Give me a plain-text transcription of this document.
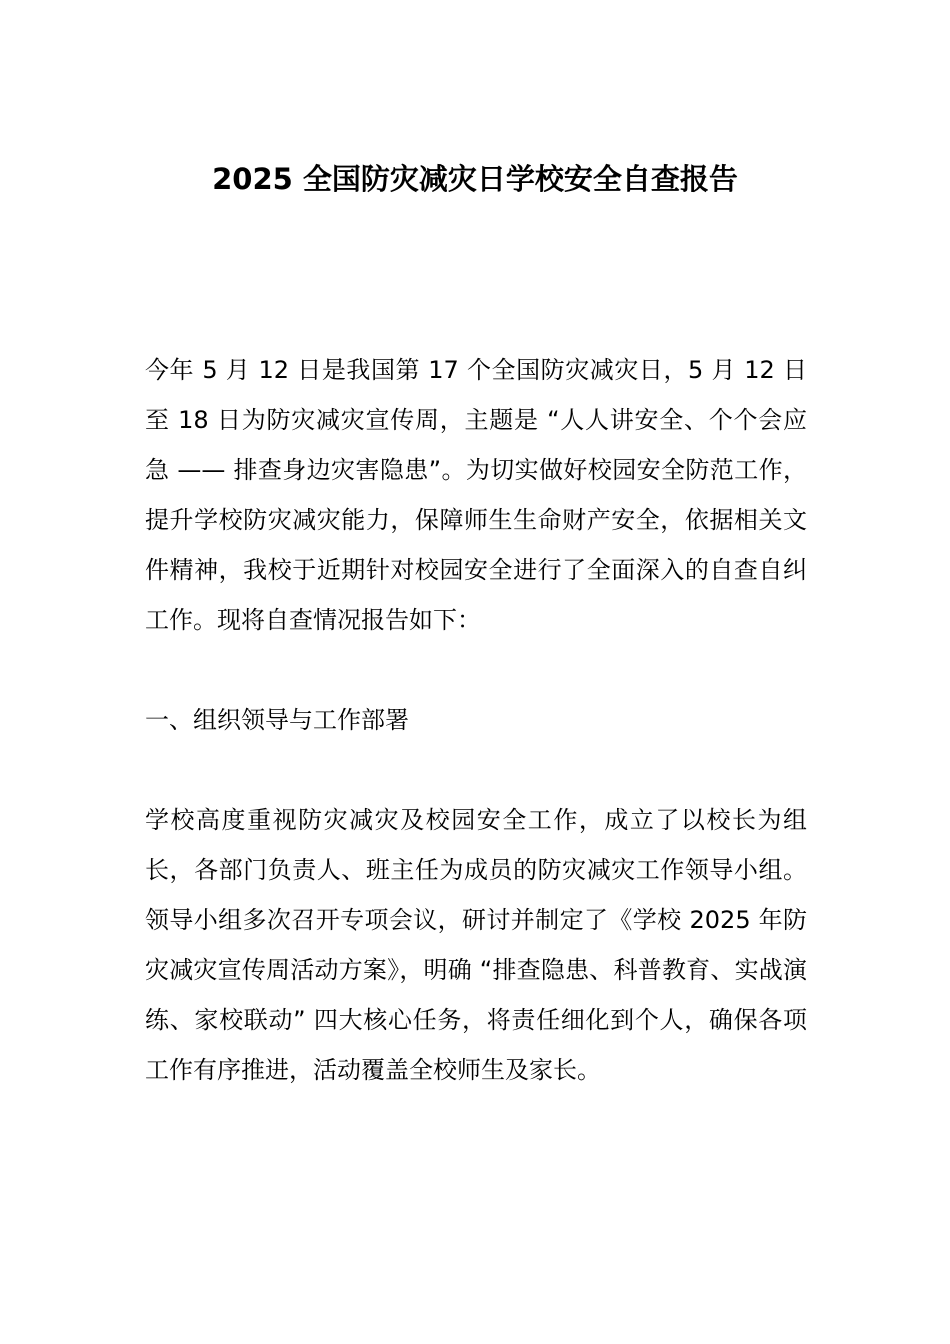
2025 全国防灾减灾日学校安全自查报告

今年 5 月 12 日是我国第 17 个全国防灾减灾日，5 月 12 日至 18 日为防灾减灾宣传周，主题是 “人人讲安全、个个会应急 —— 排查身边灾害隐患”。为切实做好校园安全防范工作，提升学校防灾减灾能力，保障师生生命财产安全，依据相关文件精神，我校于近期针对校园安全进行了全面深入的自查自纠工作。现将自查情况报告如下：

一、组织领导与工作部署

学校高度重视防灾减灾及校园安全工作，成立了以校长为组长，各部门负责人、班主任为成员的防灾减灾工作领导小组。领导小组多次召开专项会议，研讨并制定了《学校 2025 年防灾减灾宣传周活动方案》，明确 “排查隐患、科普教育、实战演练、家校联动” 四大核心任务，将责任细化到个人，确保各项工作有序推进，活动覆盖全校师生及家长。
